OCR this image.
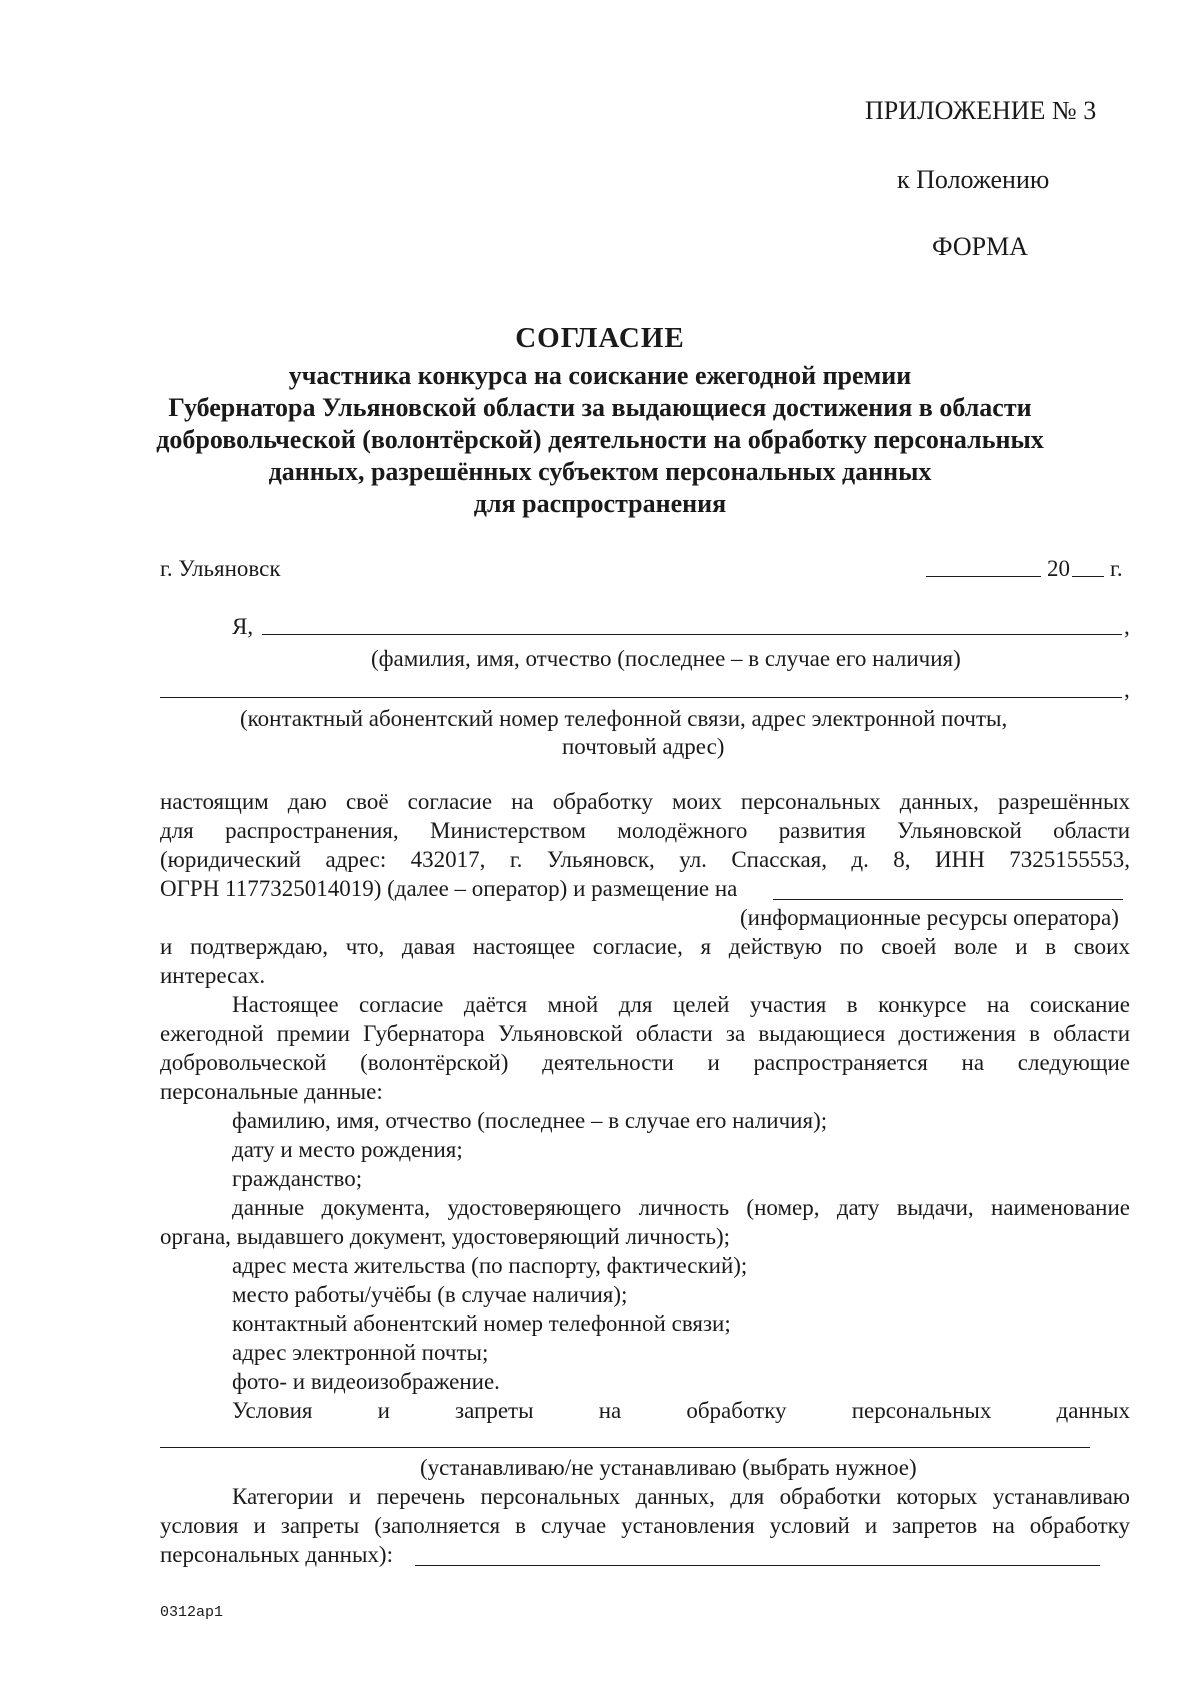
ПРИЛОЖЕНИЕ № 3
к Положению
ФОРМА
СОГЛАСИЕ
участника конкурса на соискание ежегодной премии
Губернатора Ульяновской области за выдающиеся достижения в области
добровольческой (волонтёрской) деятельности на обработку персональных
данных, разрешённых субъектом персональных данных
для распространения
г. Ульяновск	20 г.
Я,	,
(фамилия, имя, отчество (последнее – в случае его наличия)
,
(контактный абонентский номер телефонной связи, адрес электронной почты,
почтовый адрес)
настоящим даю своё согласие на обработку моих персональных данных, разрешённых
для распространения, Министерством молодёжного развития Ульяновской области
(юридический адрес: 432017, г. Ульяновск, ул. Спасская, д. 8, ИНН 7325155553,
ОГРН 1177325014019) (далее – оператор) и размещение на
(информационные ресурсы оператора)
и подтверждаю, что, давая настоящее согласие, я действую по своей воле и в своих
интересах.
Настоящее согласие даётся мной для целей участия в конкурсе на соискание
ежегодной премии Губернатора Ульяновской области за выдающиеся достижения в области
добровольческой (волонтёрской) деятельности и распространяется на следующие
персональные данные:
фамилию, имя, отчество (последнее – в случае его наличия);
дату и место рождения;
гражданство;
данные документа, удостоверяющего личность (номер, дату выдачи, наименование
органа, выдавшего документ, удостоверяющий личность);
адрес места жительства (по паспорту, фактический);
место работы/учёбы (в случае наличия);
контактный абонентский номер телефонной связи;
адрес электронной почты;
фото- и видеоизображение.
Условия и запреты на обработку персональных данных
(устанавливаю/не устанавливаю (выбрать нужное)
Категории и перечень персональных данных, для обработки которых устанавливаю
условия и запреты (заполняется в случае установления условий и запретов на обработку
персональных данных):
0312ap1
